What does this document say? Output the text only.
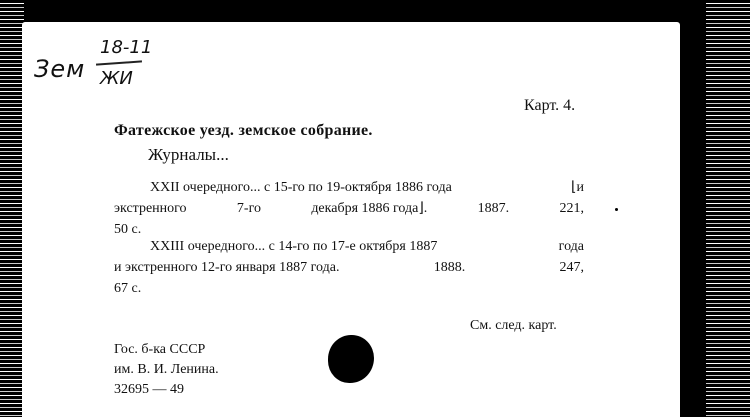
Зем
18-11
ЖИ
Карт. 4.
Фатежское уезд. земское собрание.
Журналы...
XXII очередного... с 15-го по 19-октября 1886 года	⌊и
экстренного	7-го	декабря 1886 года⌋.	1887.	221,
50 с.
XXIII очередного... с 14-го по 17-е октября 1887	года
и экстренного 12-го января 1887 года.	1888.	247,
67 с.
См. след. карт.
Гос. б-ка СССР
им. В. И. Ленина.
32695 — 49
